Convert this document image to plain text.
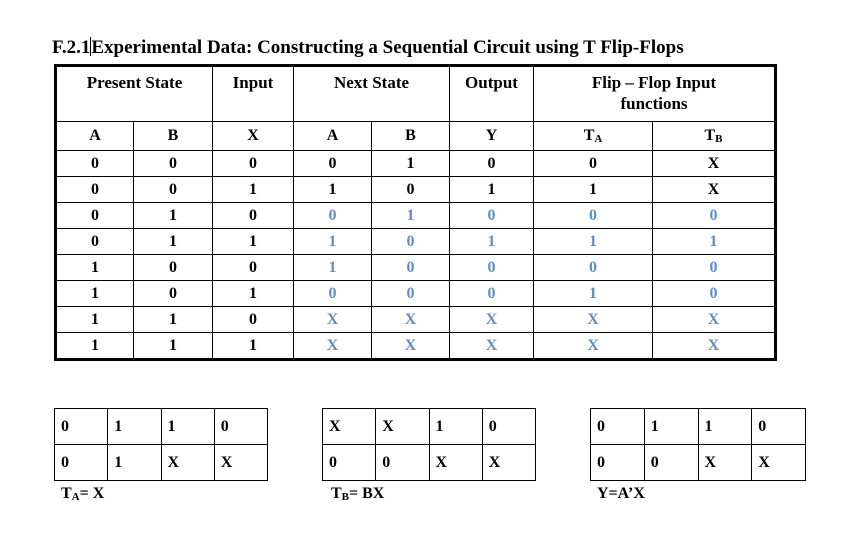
F.2.1Experimental Data: Constructing a Sequential Circuit using T Flip-Flops
Present State		Input	Next State		Output	Flip – Flop Input
functions	
A	B	X	A	B	Y	$T_A$	$T_B$
0	0	0	0	1	0	0	X
0	0	1	1	0	1	1	X
0	1	0	0	1	0	0	0
0	1	1	1	0	1	1	1
1	0	0	1	0	0	0	0
1	0	1	0	0	0	1	0
1	1	0	X	X	X	X	X
1	1	1	X	X	X	X	X
0	1	1	0
0	1	X	X
X	X	1	0
0	0	X	X
0	1	1	0
0	0	X	X
$T_A= X$	$T_B=$ BX	Y=A’X
